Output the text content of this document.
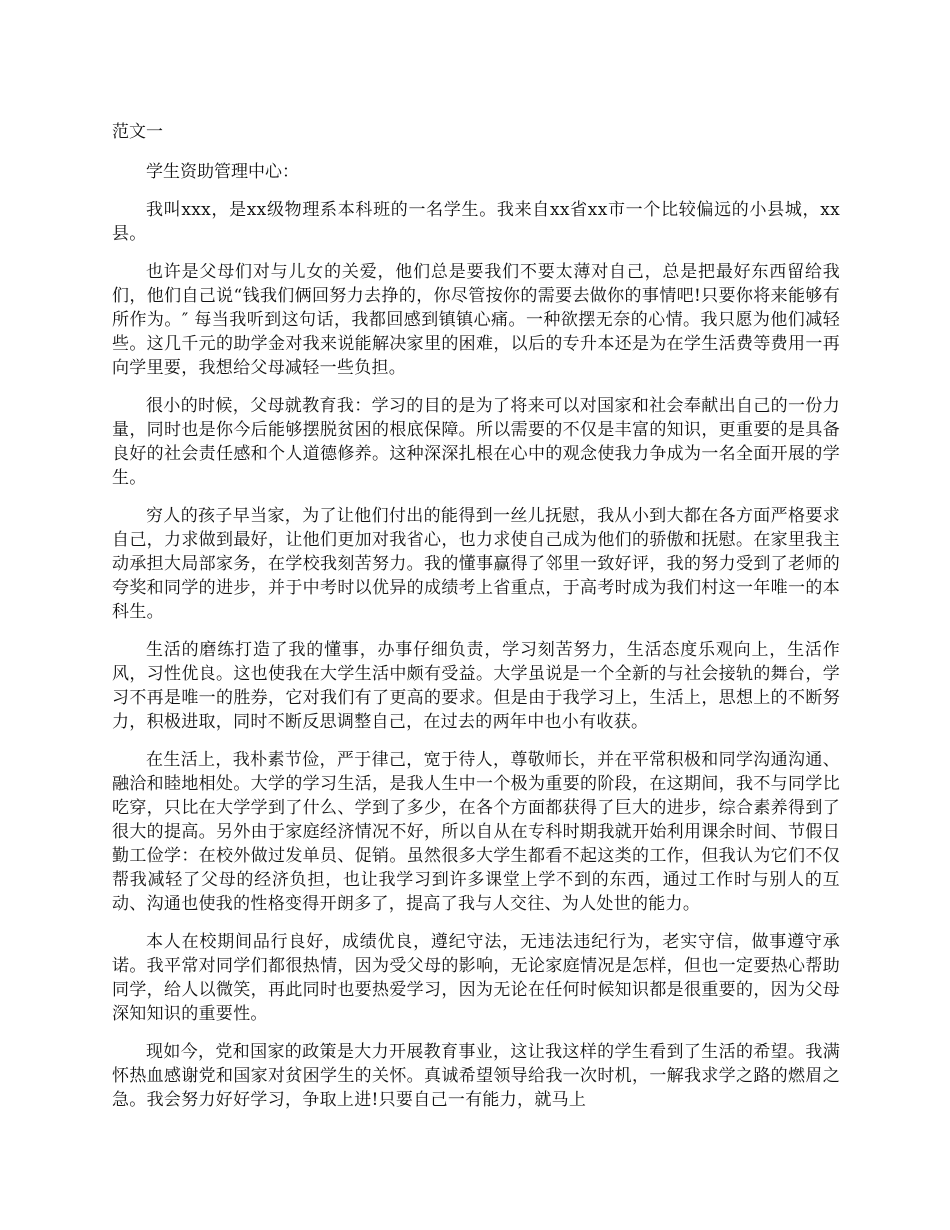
范文一
学生资助管理中心：

我叫xxx，是xx级物理系本科班的一名学生。我来自xx省xx市一个比较偏远的小县城，xx县。

也许是父母们对与儿女的关爱，他们总是要我们不要太薄对自己，总是把最好东西留给我们，他们自己说“钱我们俩回努力去挣的，你尽管按你的需要去做你的事情吧!只要你将来能够有所作为。″ 每当我听到这句话，我都回感到镇镇心痛。一种欲摆无奈的心情。我只愿为他们减轻些。这几千元的助学金对我来说能解决家里的困难，以后的专升本还是为在学生活费等费用一再向学里要，我想给父母减轻一些负担。

很小的时候，父母就教育我：学习的目的是为了将来可以对国家和社会奉献出自己的一份力量，同时也是你今后能够摆脱贫困的根底保障。所以需要的不仅是丰富的知识，更重要的是具备良好的社会责任感和个人道德修养。这种深深扎根在心中的观念使我力争成为一名全面开展的学生。

穷人的孩子早当家，为了让他们付出的能得到一丝儿抚慰，我从小到大都在各方面严格要求自己，力求做到最好，让他们更加对我省心，也力求使自己成为他们的骄傲和抚慰。在家里我主动承担大局部家务，在学校我刻苦努力。我的懂事赢得了邻里一致好评，我的努力受到了老师的夸奖和同学的进步，并于中考时以优异的成绩考上省重点，于高考时成为我们村这一年唯一的本科生。

生活的磨练打造了我的懂事，办事仔细负责，学习刻苦努力，生活态度乐观向上，生活作风，习性优良。这也使我在大学生活中颇有受益。大学虽说是一个全新的与社会接轨的舞台，学习不再是唯一的胜券，它对我们有了更高的要求。但是由于我学习上，生活上，思想上的不断努力，积极进取，同时不断反思调整自己，在过去的两年中也小有收获。

在生活上，我朴素节俭，严于律己，宽于待人，尊敬师长，并在平常积极和同学沟通沟通、融洽和睦地相处。大学的学习生活，是我人生中一个极为重要的阶段，在这期间，我不与同学比吃穿，只比在大学学到了什么、学到了多少，在各个方面都获得了巨大的进步，综合素养得到了很大的提高。另外由于家庭经济情况不好，所以自从在专科时期我就开始利用课余时间、节假日勤工俭学：在校外做过发单员、促销。虽然很多大学生都看不起这类的工作，但我认为它们不仅帮我减轻了父母的经济负担，也让我学习到许多课堂上学不到的东西，通过工作时与别人的互动、沟通也使我的性格变得开朗多了，提高了我与人交往、为人处世的能力。

本人在校期间品行良好，成绩优良，遵纪守法，无违法违纪行为，老实守信，做事遵守承诺。我平常对同学们都很热情，因为受父母的影响，无论家庭情况是怎样，但也一定要热心帮助同学，给人以微笑，再此同时也要热爱学习，因为无论在任何时候知识都是很重要的，因为父母深知知识的重要性。

现如今，党和国家的政策是大力开展教育事业，这让我这样的学生看到了生活的希望。我满怀热血感谢党和国家对贫困学生的关怀。真诚希望领导给我一次时机，一解我求学之路的燃眉之急。我会努力好好学习，争取上进!只要自己一有能力，就马上
